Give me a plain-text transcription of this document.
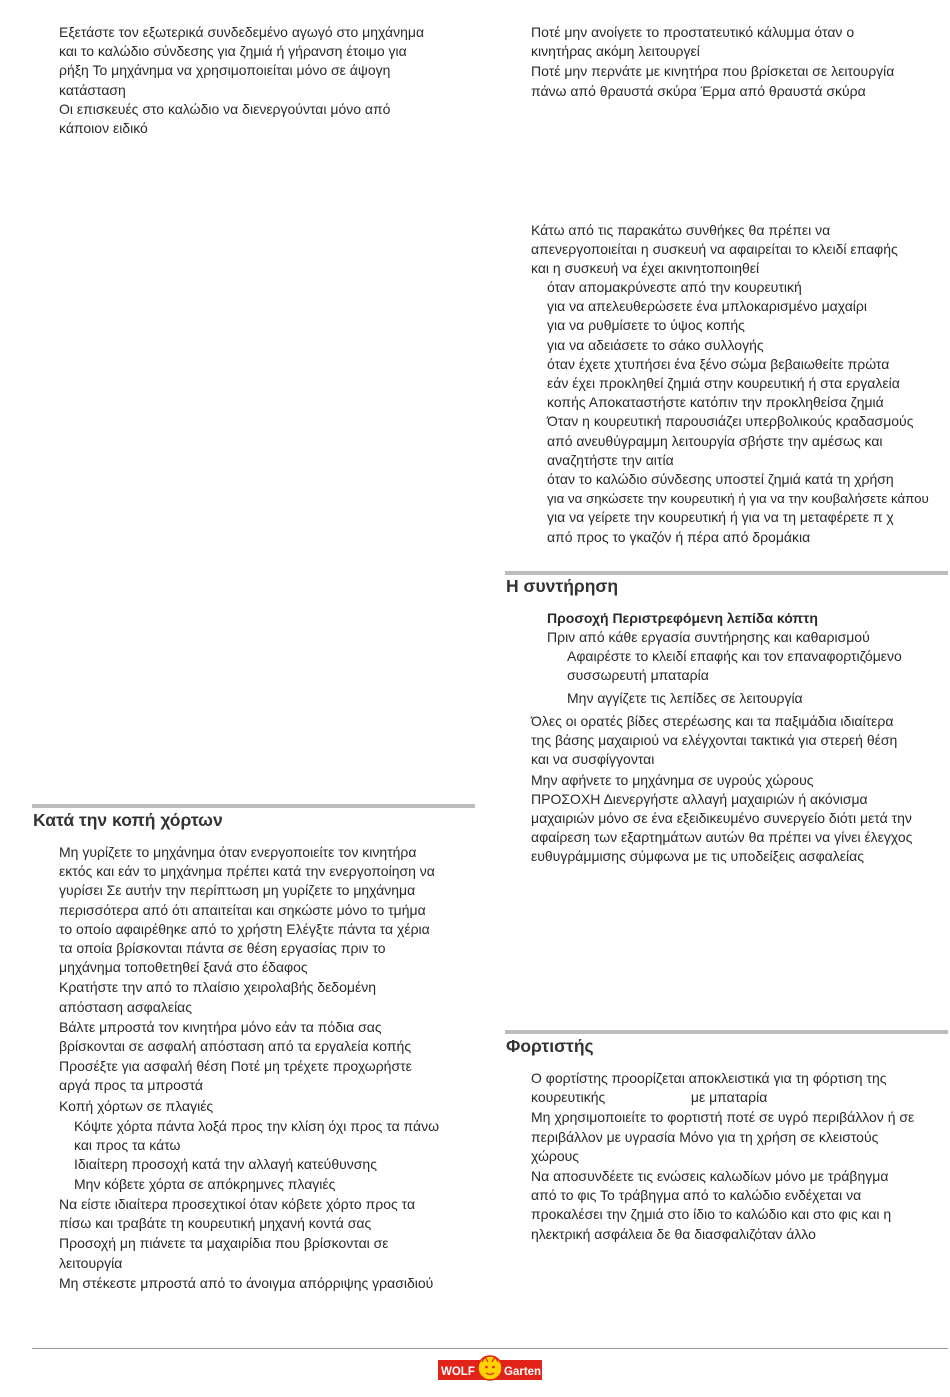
Εξετάστε τον εξωτερικά συνδεδεμένο αγωγό στο μηχάνημα

και το καλώδιο σύνδεσης για ζημιά ή γήρανση έτοιμο για

ρήξη Το μηχάνημα να χρησιμοποιείται μόνο σε άψογη

κατάσταση

Οι επισκευές στο καλώδιο να διενεργούνται μόνο από

κάποιον ειδικό

Ποτέ μην ανοίγετε το προστατευτικό κάλυμμα όταν ο

κινητήρας ακόμη λειτουργεί

Ποτέ μην περνάτε με κινητήρα που βρίσκεται σε λειτουργία

πάνω από θραυστά σκύρα Έρμα από θραυστά σκύρα

Κάτω από τις παρακάτω συνθήκες θα πρέπει να

απενεργοποιείται η συσκευή να αφαιρείται το κλειδί επαφής

και η συσκευή να έχει ακινητοποιηθεί

όταν απομακρύνεστε από την κουρευτική

για να απελευθερώσετε ένα μπλοκαρισμένο μαχαίρι

για να ρυθμίσετε το ύψος κοπής

για να αδειάσετε το σάκο συλλογής

όταν έχετε χτυπήσει ένα ξένο σώμα βεβαιωθείτε πρώτα

εάν έχει προκληθεί ζημιά στην κουρευτική ή στα εργαλεία

κοπής Αποκαταστήστε κατόπιν την προκληθείσα ζημιά

Όταν η κουρευτική παρουσιάζει υπερβολικούς κραδασμούς

από ανευθύγραμμη λειτουργία σβήστε την αμέσως και

αναζητήστε την αιτία

όταν το καλώδιο σύνδεσης υποστεί ζημιά κατά τη χρήση

για να σηκώσετε την κουρευτική ή για να την κουβαλήσετε κάπου

για να γείρετε την κουρευτική ή για να τη μεταφέρετε π χ

από προς το γκαζόν ή πέρα από δρομάκια

Η συντήρηση

Προσοχή Περιστρεφόμενη λεπίδα κόπτη

Πριν από κάθε εργασία συντήρησης και καθαρισμού

Αφαιρέστε το κλειδί επαφής και τον επαναφορτιζόμενο

συσσωρευτή μπαταρία

Μην αγγίζετε τις λεπίδες σε λειτουργία

Όλες οι ορατές βίδες στερέωσης και τα παξιμάδια ιδιαίτερα

της βάσης μαχαιριού να ελέγχονται τακτικά για στερεή θέση

και να συσφίγγονται

Μην αφήνετε το μηχάνημα σε υγρούς χώρους

ΠΡΟΣΟΧΗ Διενεργήστε αλλαγή μαχαιριών ή ακόνισμα

μαχαιριών μόνο σε ένα εξειδικευμένο συνεργείο διότι μετά την

αφαίρεση των εξαρτημάτων αυτών θα πρέπει να γίνει έλεγχος

ευθυγράμμισης σύμφωνα με τις υποδείξεις ασφαλείας

Κατά την κοπή χόρτων

Μη γυρίζετε το μηχάνημα όταν ενεργοποιείτε τον κινητήρα

εκτός και εάν το μηχάνημα πρέπει κατά την ενεργοποίηση να

γυρίσει Σε αυτήν την περίπτωση μη γυρίζετε το μηχάνημα

περισσότερα από ότι απαιτείται και σηκώστε μόνο το τμήμα

το οποίο αφαιρέθηκε από το χρήστη Ελέγξτε πάντα τα χέρια

τα οποία βρίσκονται πάντα σε θέση εργασίας πριν το

μηχάνημα τοποθετηθεί ξανά στο έδαφος

Κρατήστε την από το πλαίσιο χειρολαβής δεδομένη

απόσταση ασφαλείας

Βάλτε μπροστά τον κινητήρα μόνο εάν τα πόδια σας

βρίσκονται σε ασφαλή απόσταση από τα εργαλεία κοπής

Προσέξτε για ασφαλή θέση Ποτέ μη τρέχετε προχωρήστε

αργά προς τα μπροστά

Κοπή χόρτων σε πλαγιές

Κόψτε χόρτα πάντα λοξά προς την κλίση όχι προς τα πάνω

και προς τα κάτω

Ιδιαίτερη προσοχή κατά την αλλαγή κατεύθυνσης

Μην κόβετε χόρτα σε απόκρημνες πλαγιές

Να είστε ιδιαίτερα προσεχτικοί όταν κόβετε χόρτο προς τα

πίσω και τραβάτε τη κουρευτική μηχανή κοντά σας

Προσοχή μη πιάνετε τα μαχαιρίδια που βρίσκονται σε

λειτουργία

Μη στέκεστε μπροστά από το άνοιγμα απόρριψης γρασιδιού

Φορτιστής

Ο φορτίστης προορίζεται αποκλειστικά για τη φόρτιση της

κουρευτικής                      με μπαταρία

Μη χρησιμοποιείτε το φορτιστή ποτέ σε υγρό περιβάλλον ή σε

περιβάλλον με υγρασία Μόνο για τη χρήση σε κλειστούς

χώρους

Να αποσυνδέετε τις ενώσεις καλωδίων μόνο με τράβηγμα

από το φις Το τράβηγμα από το καλώδιο ενδέχεται να

προκαλέσει την ζημιά στο ίδιο το καλώδιο και στο φις και η

ηλεκτρική ασφάλεια δε θα διασφαλιζόταν άλλο

WOLF	Garten
